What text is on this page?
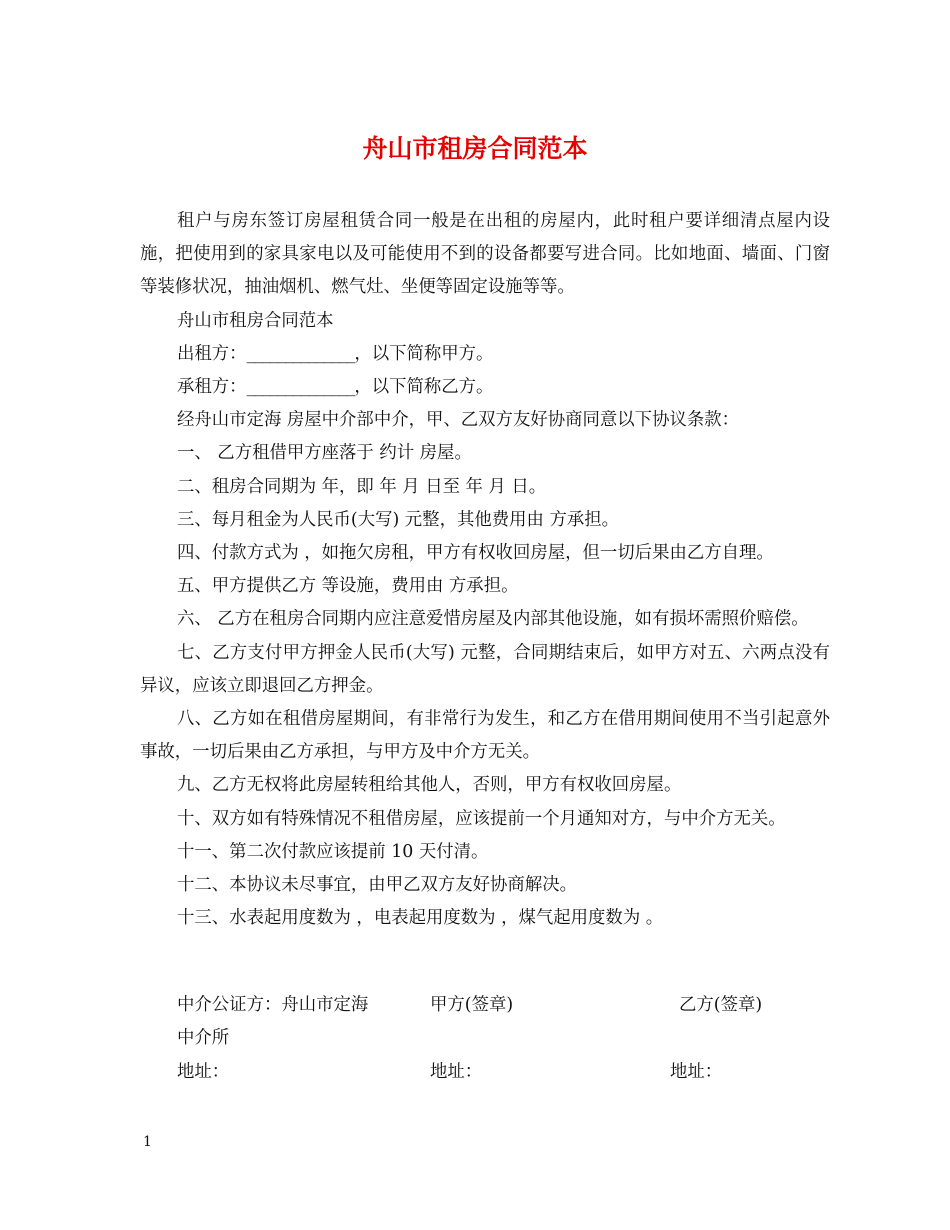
舟山市租房合同范本

租户与房东签订房屋租赁合同一般是在出租的房屋内，此时租户要详细清点屋内设施，把使用到的家具家电以及可能使用不到的设备都要写进合同。比如地面、墙面、门窗等装修状况，抽油烟机、燃气灶、坐便等固定设施等等。

舟山市租房合同范本

出租方：______________，以下简称甲方。

承租方：______________，以下简称乙方。

经舟山市定海 房屋中介部中介，甲、乙双方友好协商同意以下协议条款：

一、 乙方租借甲方座落于 约计 房屋。

二、租房合同期为 年，即 年 月 日至 年 月 日。

三、每月租金为人民币(大写) 元整，其他费用由 方承担。

四、付款方式为 ，如拖欠房租，甲方有权收回房屋，但一切后果由乙方自理。

五、甲方提供乙方 等设施，费用由 方承担。

六、 乙方在租房合同期内应注意爱惜房屋及内部其他设施，如有损坏需照价赔偿。

七、乙方支付甲方押金人民币(大写) 元整，合同期结束后，如甲方对五、六两点没有异议，应该立即退回乙方押金。

八、乙方如在租借房屋期间，有非常行为发生，和乙方在借用期间使用不当引起意外事故，一切后果由乙方承担，与甲方及中介方无关。

九、乙方无权将此房屋转租给其他人，否则，甲方有权收回房屋。

十、双方如有特殊情况不租借房屋，应该提前一个月通知对方，与中介方无关。

十一、第二次付款应该提前 10 天付清。

十二、本协议未尽事宜，由甲乙双方友好协商解决。

十三、水表起用度数为 ，电表起用度数为 ，煤气起用度数为 。

中介公证方：舟山市定海	甲方(签章)	乙方(签章)
中介所
地址：	地址：	地址：
1
